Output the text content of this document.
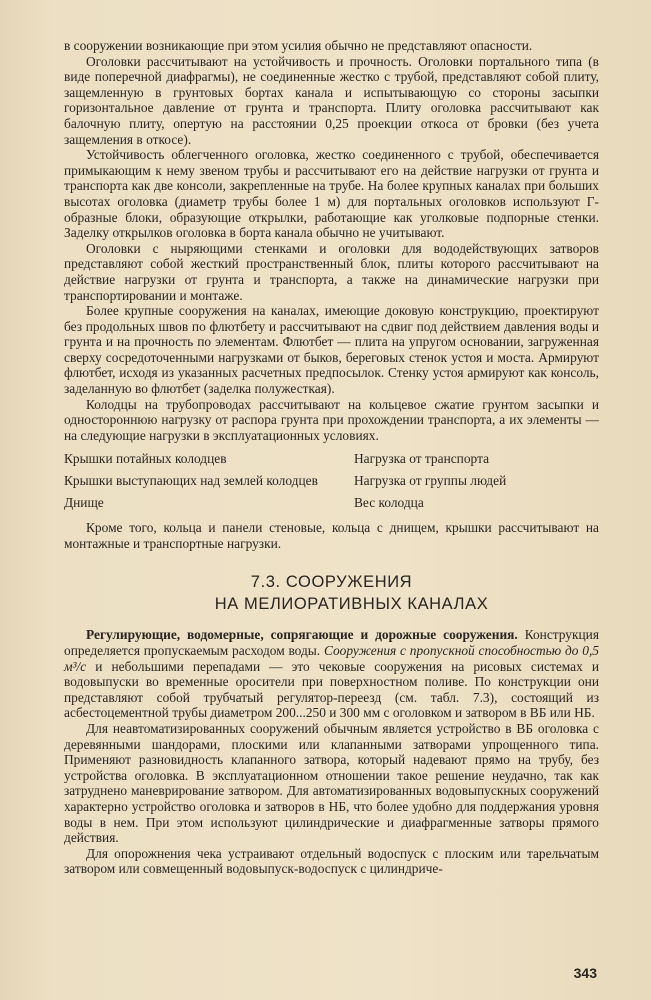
в сооружении возникающие при этом усилия обычно не представляют опасности.

Оголовки рассчитывают на устойчивость и прочность. Оголовки портального типа (в виде поперечной диафрагмы), не соединенные жестко с трубой, представляют собой плиту, защемленную в грунтовых бортах канала и испытывающую со стороны засыпки горизонтальное давление от грунта и транспорта. Плиту оголовка рассчитывают как балочную плиту, опертую на расстоянии 0,25 проекции откоса от бровки (без учета защемления в откосе).

Устойчивость облегченного оголовка, жестко соединенного с трубой, обеспечивается примыкающим к нему звеном трубы и рассчитывают его на действие нагрузки от грунта и транспорта как две консоли, закрепленные на трубе. На более крупных каналах при больших высотах оголовка (диаметр трубы более 1 м) для портальных оголовков используют Г-образные блоки, образующие открылки, работающие как уголковые подпорные стенки. Заделку открылков оголовка в борта канала обычно не учитывают.

Оголовки с ныряющими стенками и оголовки для вододействующих затворов представляют собой жесткий пространственный блок, плиты которого рассчитывают на действие нагрузки от грунта и транспорта, а также на динамические нагрузки при транспортировании и монтаже.

Более крупные сооружения на каналах, имеющие доковую конструкцию, проектируют без продольных швов по флютбету и рассчитывают на сдвиг под действием давления воды и грунта и на прочность по элементам. Флютбет — плита на упругом основании, загруженная сверху сосредоточенными нагрузками от быков, береговых стенок устоя и моста. Армируют флютбет, исходя из указанных расчетных предпосылок. Стенку устоя армируют как консоль, заделанную во флютбет (заделка полужесткая).

Колодцы на трубопроводах рассчитывают на кольцевое сжатие грунтом засыпки и одностороннюю нагрузку от распора грунта при прохождении транспорта, а их элементы — на следующие нагрузки в эксплуатационных условиях.

Крышки потайных колодцев	Нагрузка от транспорта
Крышки выступающих над землей колодцев	Нагрузка от группы людей
Днище	Вес колодца

Кроме того, кольца и панели стеновые, кольца с днищем, крышки рассчитывают на монтажные и транспортные нагрузки.

7.3. СООРУЖЕНИЯ
НА МЕЛИОРАТИВНЫХ КАНАЛАХ

Регулирующие, водомерные, сопрягающие и дорожные сооружения. Конструкция определяется пропускаемым расходом воды. Сооружения с пропускной способностью до 0,5 м³/с и небольшими перепадами — это чековые сооружения на рисовых системах и водовыпуски во временные оросители при поверхностном поливе. По конструкции они представляют собой трубчатый регулятор-переезд (см. табл. 7.3), состоящий из асбестоцементной трубы диаметром 200...250 и 300 мм с оголовком и затвором в ВБ или НБ.

Для неавтоматизированных сооружений обычным является устройство в ВБ оголовка с деревянными шандорами, плоскими или клапанными затворами упрощенного типа. Применяют разновидность клапанного затвора, который надевают прямо на трубу, без устройства оголовка. В эксплуатационном отношении такое решение неудачно, так как затруднено маневрирование затвором. Для автоматизированных водовыпускных сооружений характерно устройство оголовка и затворов в НБ, что более удобно для поддержания уровня воды в нем. При этом используют цилиндрические и диафрагменные затворы прямого действия.

Для опорожнения чека устраивают отдельный водоспуск с плоским или тарельчатым затвором или совмещенный водовыпуск-водоспуск с цилиндриче-

343
